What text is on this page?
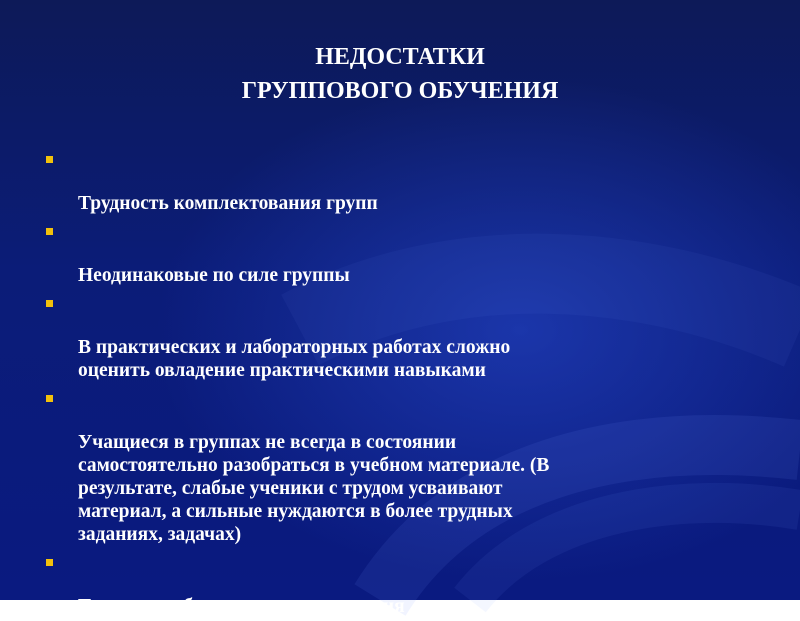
НЕДОСТАТКИ
ГРУППОВОГО ОБУЧЕНИЯ

Трудность комплектования групп

Неодинаковые по силе группы

В практических и лабораторных работах сложно
оценить овладение практическими навыками

Учащиеся в группах не всегда в состоянии
самостоятельно разобраться в учебном материале. (В
результате, слабые ученики с трудом усваивают
материал, а сильные нуждаются в более трудных
заданиях, задачах)

Трудность объективного оценивания
